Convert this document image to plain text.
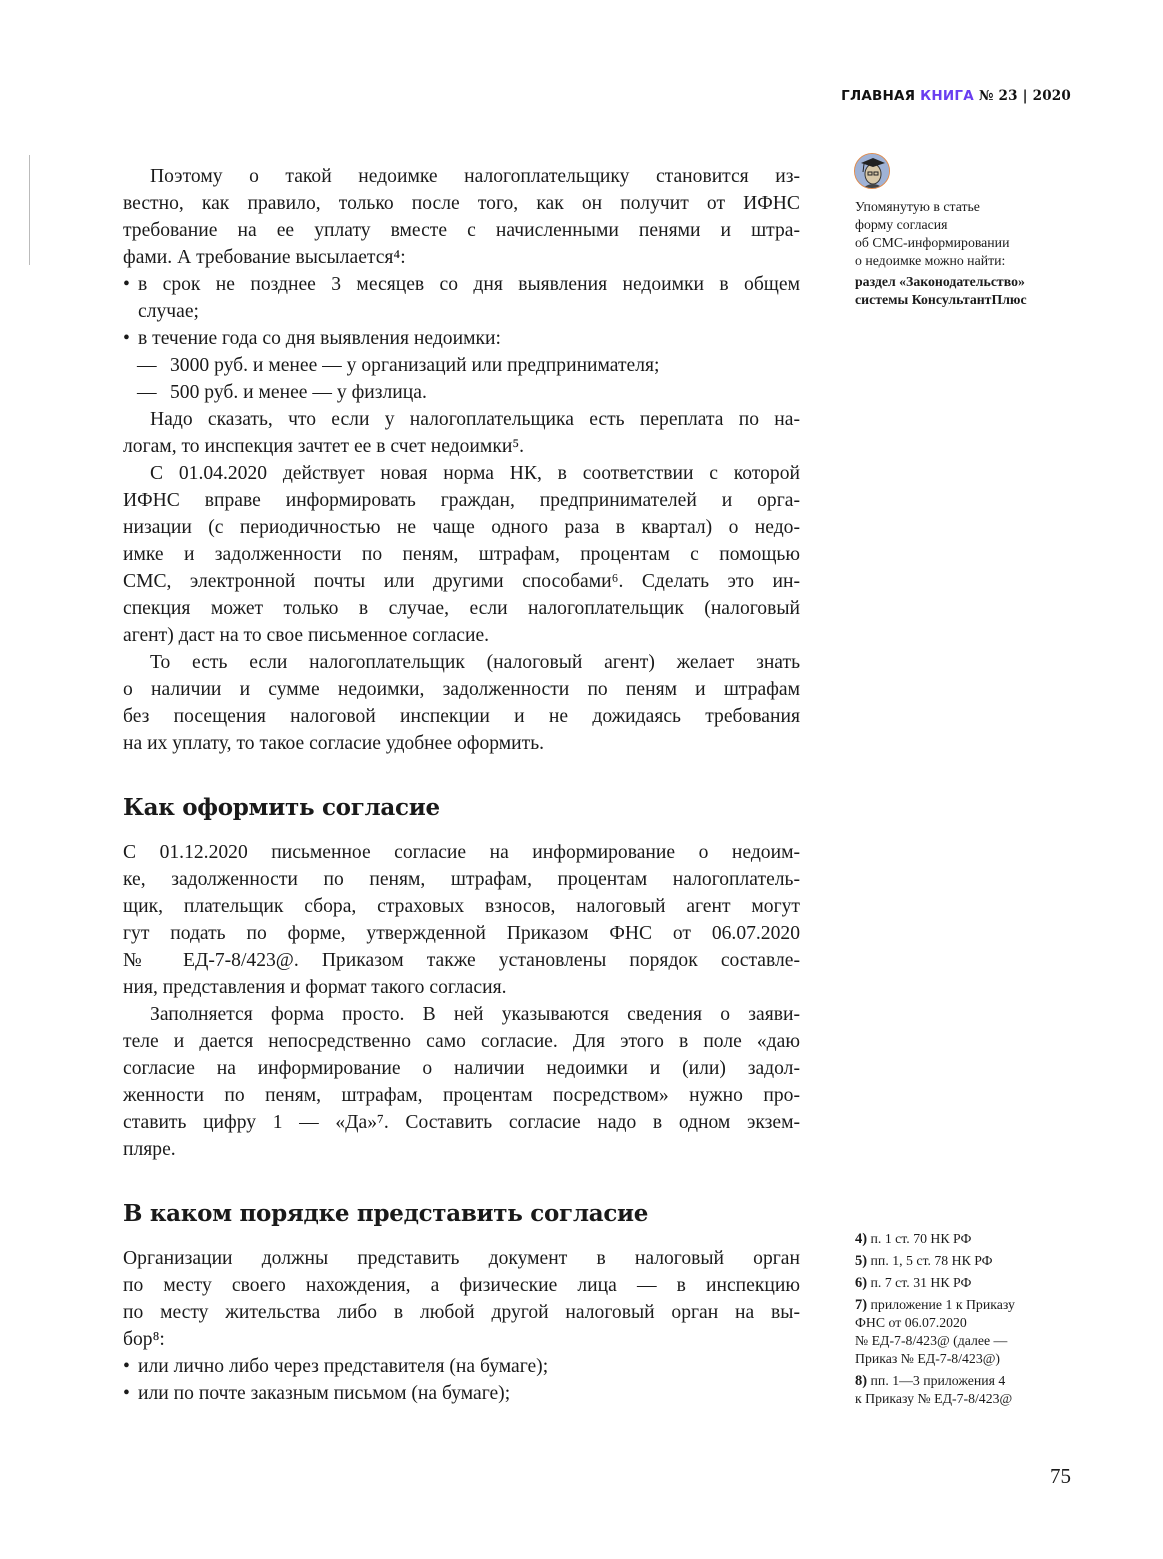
ГЛАВНАЯ КНИГА № 23 | 2020
Поэтому о такой недоимке налогоплательщику становится из-
вестно, как правило, только после того, как он получит от ИФНС
требование на ее уплату вместе с начисленными пенями и штра-
фами. А требование высылается⁴:
• в срок не позднее 3 месяцев со дня выявления недоимки в общем
случае;
• в течение года со дня выявления недоимки:
— 3000 руб. и менее — у организаций или предпринимателя;
— 500 руб. и менее — у физлица.
Надо сказать, что если у налогоплательщика есть переплата по на-
логам, то инспекция зачтет ее в счет недоимки⁵.
С 01.04.2020 действует новая норма НК, в соответствии с которой
ИФНС вправе информировать граждан, предпринимателей и орга-
низации (с периодичностью не чаще одного раза в квартал) о недо-
имке и задолженности по пеням, штрафам, процентам с помощью
СМС, электронной почты или другими способами⁶. Сделать это ин-
спекция может только в случае, если налогоплательщик (налоговый
агент) даст на то свое письменное согласие.
То есть если налогоплательщик (налоговый агент) желает знать
о наличии и сумме недоимки, задолженности по пеням и штрафам
без посещения налоговой инспекции и не дожидаясь требования
на их уплату, то такое согласие удобнее оформить.
Как оформить согласие
С 01.12.2020 письменное согласие на информирование о недоим-
ке, задолженности по пеням, штрафам, процентам налогоплатель-
щик, плательщик сбора, страховых взносов, налоговый агент могут
гут подать по форме, утвержденной Приказом ФНС от 06.07.2020
№ ЕД-7-8/423@. Приказом также установлены порядок составле-
ния, представления и формат такого согласия.
Заполняется форма просто. В ней указываются сведения о заяви-
теле и дается непосредственно само согласие. Для этого в поле «даю
согласие на информирование о наличии недоимки и (или) задол-
женности по пеням, штрафам, процентам посредством» нужно про-
ставить цифру 1 — «Да»⁷. Составить согласие надо в одном экзем-
пляре.
В каком порядке представить согласие
Организации должны представить документ в налоговый орган
по месту своего нахождения, а физические лица — в инспекцию
по месту жительства либо в любой другой налоговый орган на вы-
бор⁸:
• или лично либо через представителя (на бумаге);
• или по почте заказным письмом (на бумаге);
Упомянутую в статье
форму согласия
об СМС-информировании
о недоимке можно найти:
раздел «Законодательство»
системы КонсультантПлюс
4) п. 1 ст. 70 НК РФ
5) пп. 1, 5 ст. 78 НК РФ
6) п. 7 ст. 31 НК РФ
7) приложение 1 к Приказу
ФНС от 06.07.2020
№ ЕД-7-8/423@ (далее —
Приказ № ЕД-7-8/423@)
8) пп. 1—3 приложения 4
к Приказу № ЕД-7-8/423@
75
